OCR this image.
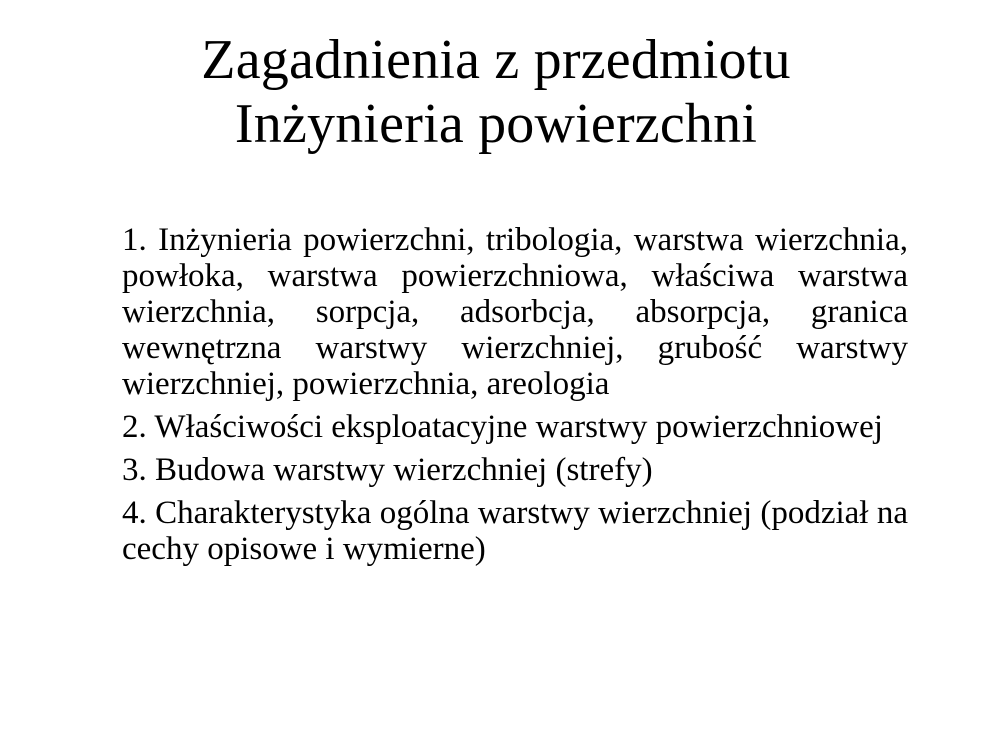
Zagadnienia z przedmiotu
Inżynieria powierzchni

1. Inżynieria powierzchni, tribologia, warstwa wierzchnia, powłoka, warstwa powierzchniowa, właściwa warstwa wierzchnia, sorpcja, adsorbcja, absorpcja, granica wewnętrzna warstwy wierzchniej, grubość warstwy wierzchniej, powierzchnia, areologia

2. Właściwości eksploatacyjne warstwy powierzchniowej

3. Budowa warstwy wierzchniej (strefy)

4. Charakterystyka ogólna warstwy wierzchniej (podział na cechy opisowe i wymierne)
